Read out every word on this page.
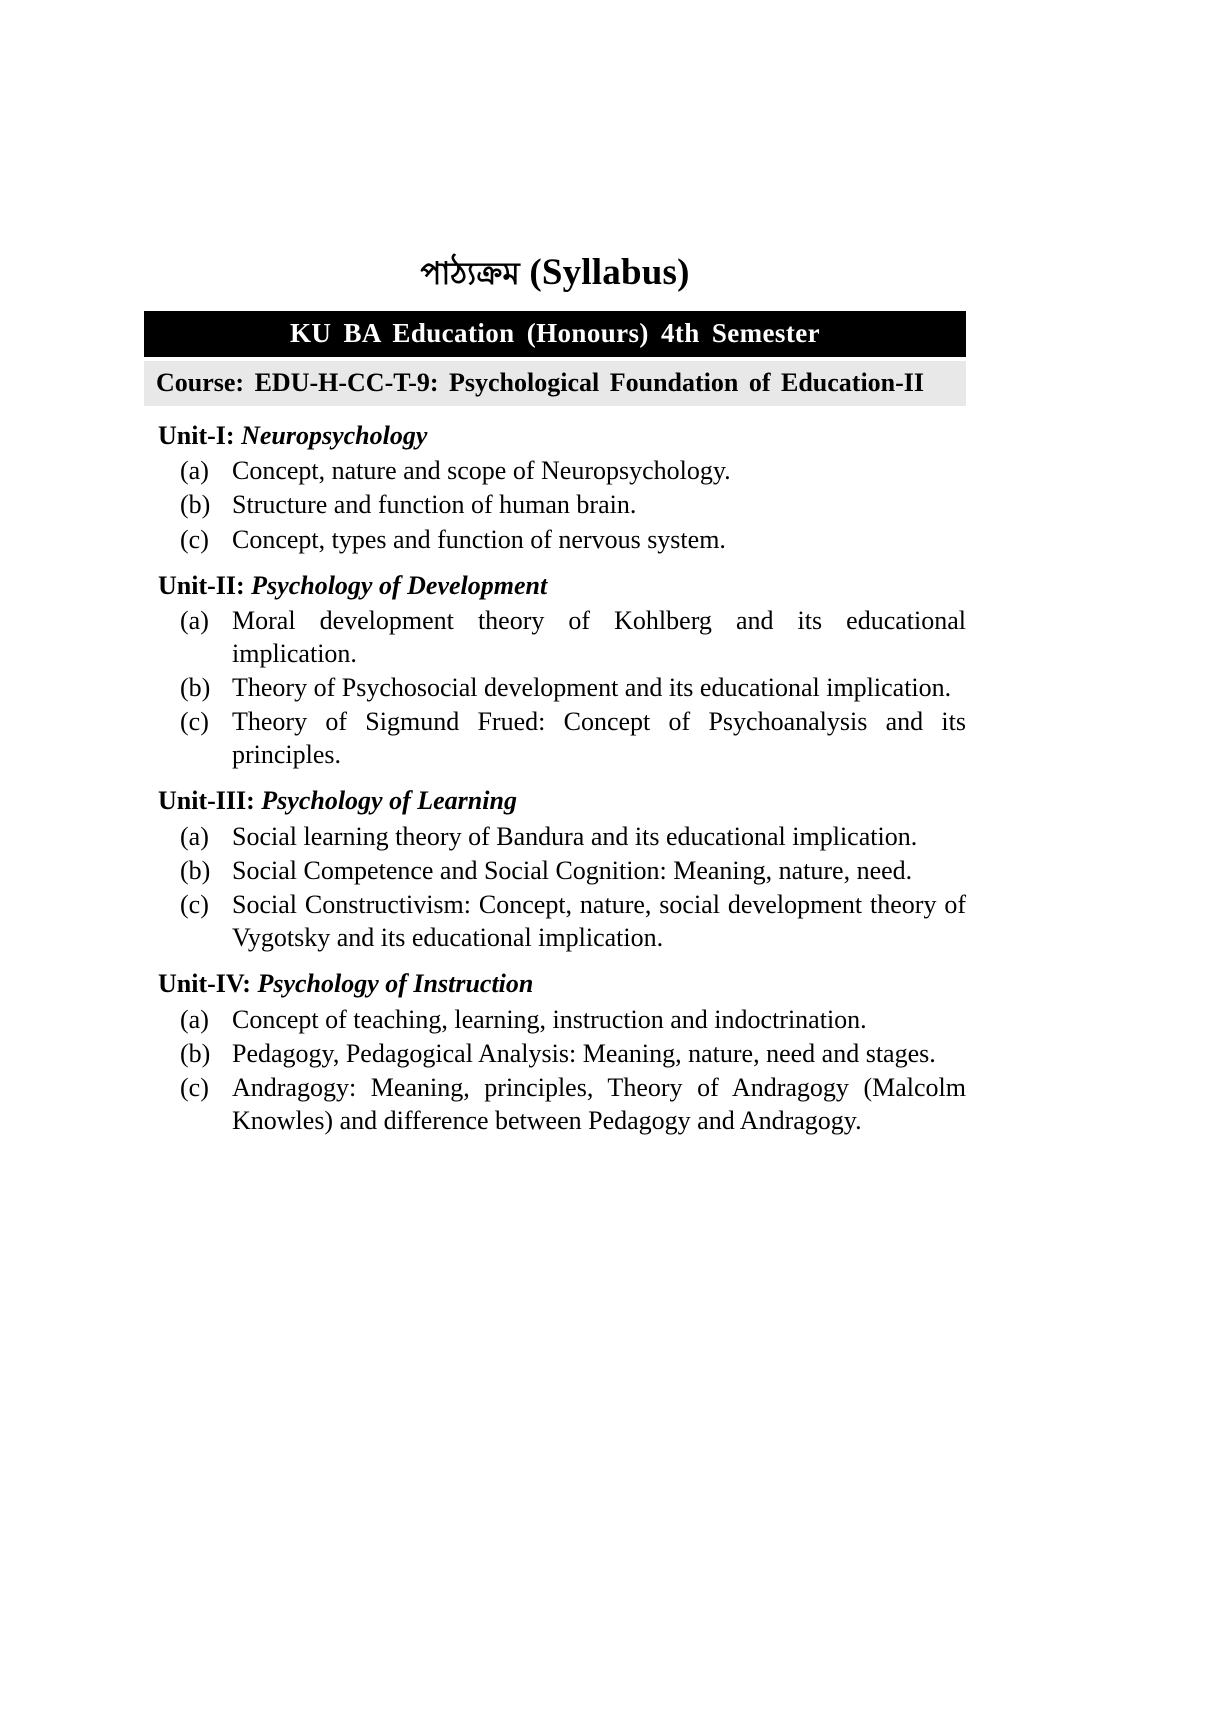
পাঠ্যক্রম (Syllabus)
KU BA Education (Honours) 4th Semester
Course: EDU-H-CC-T-9: Psychological Foundation of Education-II
Unit-I: Neuropsychology
(a) Concept, nature and scope of Neuropsychology.
(b) Structure and function of human brain.
(c) Concept, types and function of nervous system.
Unit-II: Psychology of Development
(a) Moral development theory of Kohlberg and its educational implication.
(b) Theory of Psychosocial development and its educational implication.
(c) Theory of Sigmund Frued: Concept of Psychoanalysis and its principles.
Unit-III: Psychology of Learning
(a) Social learning theory of Bandura and its educational implication.
(b) Social Competence and Social Cognition: Meaning, nature, need.
(c) Social Constructivism: Concept, nature, social development theory of Vygotsky and its educational implication.
Unit-IV: Psychology of Instruction
(a) Concept of teaching, learning, instruction and indoctrination.
(b) Pedagogy, Pedagogical Analysis: Meaning, nature, need and stages.
(c) Andragogy: Meaning, principles, Theory of Andragogy (Malcolm Knowles) and difference between Pedagogy and Andragogy.
